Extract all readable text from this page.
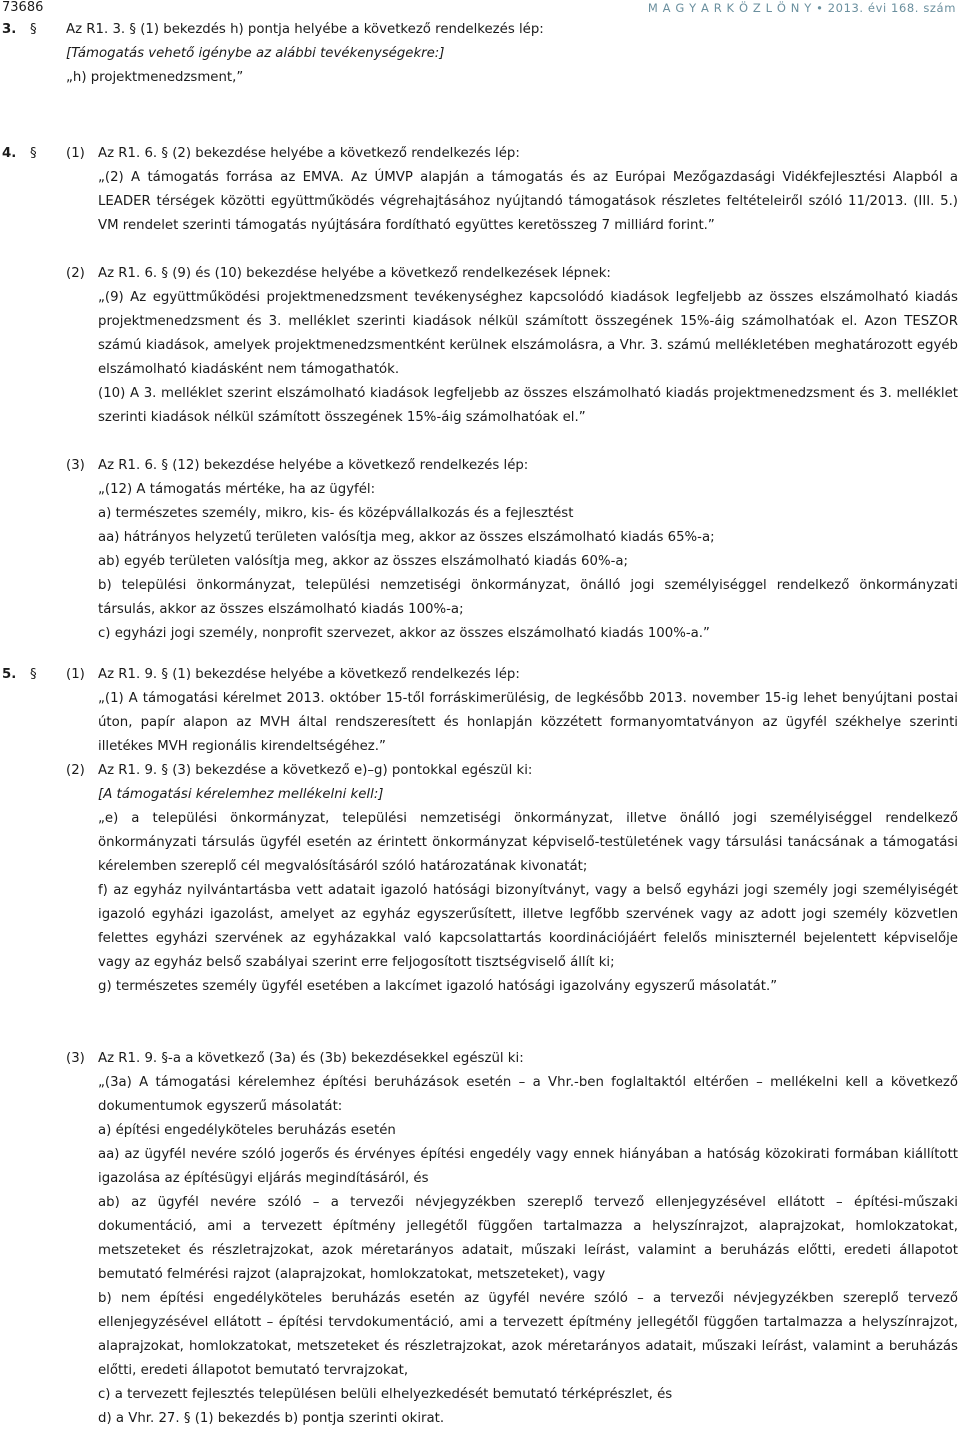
73686	M A G Y A R K Ö Z L Ö N Y • 2013. évi 168. szám
3. § Az R1. 3. § (1) bekezdés h) pontja helyébe a következő rendelkezés lép:

[Támogatás vehető igénybe az alábbi tevékenységekre:]

„h) projektmenedzsment,”

4. § (1) Az R1. 6. § (2) bekezdése helyébe a következő rendelkezés lép:

„(2) A támogatás forrása az EMVA. Az ÚMVP alapján a támogatás és az Európai Mezőgazdasági Vidékfejlesztési Alapból a LEADER térségek közötti együttműködés végrehajtásához nyújtandó támogatások részletes feltételeiről szóló 11/2013. (III. 5.) VM rendelet szerinti támogatás nyújtására fordítható együttes keretösszeg 7 milliárd forint.”

(2) Az R1. 6. § (9) és (10) bekezdése helyébe a következő rendelkezések lépnek:

„(9) Az együttműködési projektmenedzsment tevékenységhez kapcsolódó kiadások legfeljebb az összes elszámolható kiadás projektmenedzsment és 3. melléklet szerinti kiadások nélkül számított összegének 15%-áig számolhatóak el. Azon TESZOR számú kiadások, amelyek projektmenedzsmentként kerülnek elszámolásra, a Vhr. 3. számú mellékletében meghatározott egyéb elszámolható kiadásként nem támogathatók.

(10) A 3. melléklet szerint elszámolható kiadások legfeljebb az összes elszámolható kiadás projektmenedzsment és 3. melléklet szerinti kiadások nélkül számított összegének 15%-áig számolhatóak el.”

(3) Az R1. 6. § (12) bekezdése helyébe a következő rendelkezés lép:

„(12) A támogatás mértéke, ha az ügyfél:

a) természetes személy, mikro, kis- és középvállalkozás és a fejlesztést

aa) hátrányos helyzetű területen valósítja meg, akkor az összes elszámolható kiadás 65%-a;

ab) egyéb területen valósítja meg, akkor az összes elszámolható kiadás 60%-a;

b) települési önkormányzat, települési nemzetiségi önkormányzat, önálló jogi személyiséggel rendelkező önkormányzati társulás, akkor az összes elszámolható kiadás 100%-a;

c) egyházi jogi személy, nonprofit szervezet, akkor az összes elszámolható kiadás 100%-a.”

5. § (1) Az R1. 9. § (1) bekezdése helyébe a következő rendelkezés lép:

„(1) A támogatási kérelmet 2013. október 15-től forráskimerülésig, de legkésőbb 2013. november 15-ig lehet benyújtani postai úton, papír alapon az MVH által rendszeresített és honlapján közzétett formanyomtatványon az ügyfél székhelye szerinti illetékes MVH regionális kirendeltségéhez.”

(2) Az R1. 9. § (3) bekezdése a következő e)–g) pontokkal egészül ki:

[A támogatási kérelemhez mellékelni kell:]

„e) a települési önkormányzat, települési nemzetiségi önkormányzat, illetve önálló jogi személyiséggel rendelkező önkormányzati társulás ügyfél esetén az érintett önkormányzat képviselő-testületének vagy társulási tanácsának a támogatási kérelemben szereplő cél megvalósításáról szóló határozatának kivonatát;

f) az egyház nyilvántartásba vett adatait igazoló hatósági bizonyítványt, vagy a belső egyházi jogi személy jogi személyiségét igazoló egyházi igazolást, amelyet az egyház egyszerűsített, illetve legfőbb szervének vagy az adott jogi személy közvetlen felettes egyházi szervének az egyházakkal való kapcsolattartás koordinációjáért felelős miniszternél bejelentett képviselője vagy az egyház belső szabályai szerint erre feljogosított tisztségviselő állít ki;

g) természetes személy ügyfél esetében a lakcímet igazoló hatósági igazolvány egyszerű másolatát.”

(3) Az R1. 9. §-a a következő (3a) és (3b) bekezdésekkel egészül ki:

„(3a) A támogatási kérelemhez építési beruházások esetén – a Vhr.-ben foglaltaktól eltérően – mellékelni kell a következő dokumentumok egyszerű másolatát:

a) építési engedélyköteles beruházás esetén

aa) az ügyfél nevére szóló jogerős és érvényes építési engedély vagy ennek hiányában a hatóság közokirati formában kiállított igazolása az építésügyi eljárás megindításáról, és

ab) az ügyfél nevére szóló – a tervezői névjegyzékben szereplő tervező ellenjegyzésével ellátott – építési-műszaki dokumentáció, ami a tervezett építmény jellegétől függően tartalmazza a helyszínrajzot, alaprajzokat, homlokzatokat, metszeteket és részletrajzokat, azok méretarányos adatait, műszaki leírást, valamint a beruházás előtti, eredeti állapotot bemutató felmérési rajzot (alaprajzokat, homlokzatokat, metszeteket), vagy

b) nem építési engedélyköteles beruházás esetén az ügyfél nevére szóló – a tervezői névjegyzékben szereplő tervező ellenjegyzésével ellátott – építési tervdokumentáció, ami a tervezett építmény jellegétől függően tartalmazza a helyszínrajzot, alaprajzokat, homlokzatokat, metszeteket és részletrajzokat, azok méretarányos adatait, műszaki leírást, valamint a beruházás előtti, eredeti állapotot bemutató tervrajzokat,

c) a tervezett fejlesztés településen belüli elhelyezkedését bemutató térképrészlet, és

d) a Vhr. 27. § (1) bekezdés b) pontja szerinti okirat.
